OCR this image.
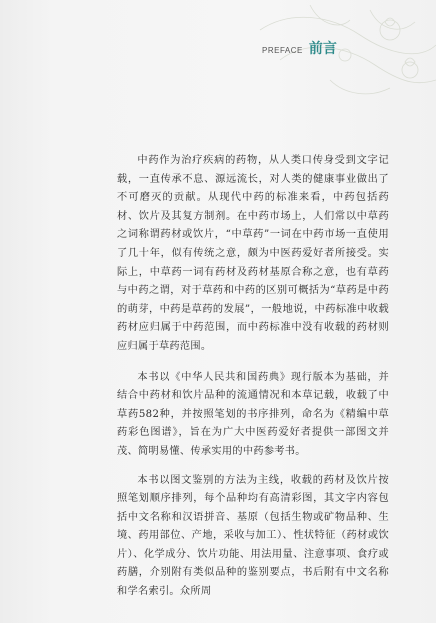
PREFACE 前言

中药作为治疗疾病的药物，从人类口传身受到文字记载，一直传承不息、源远流长，对人类的健康事业做出了不可磨灭的贡献。从现代中药的标准来看，中药包括药材、饮片及其复方制剂。在中药市场上，人们常以中草药之词称谓药材或饮片，“中草药”一词在中药市场一直使用了几十年，似有传统之意，颇为中医药爱好者所接受。实际上，中草药一词有药材及药材基原合称之意，也有草药与中药之谓，对于草药和中药的区别可概括为“草药是中药的萌芽，中药是草药的发展”，一般地说，中药标准中收载药材应归属于中药范围，而中药标准中没有收载的药材则应归属于草药范围。

本书以《中华人民共和国药典》现行版本为基础，并结合中药材和饮片品种的流通情况和本草记载，收载了中草药582种，并按照笔划的书序排列，命名为《精编中草药彩色图谱》，旨在为广大中医药爱好者提供一部图文并茂、简明易懂、传承实用的中药参考书。

本书以图文鉴别的方法为主线，收载的药材及饮片按照笔划顺序排列，每个品种均有高清彩图，其文字内容包括中文名称和汉语拼音、基原（包括生物或矿物品种、生境、药用部位、产地，采收与加工）、性状特征（药材或饮片）、化学成分、饮片功能、用法用量、注意事项、食疗或药膳，介别附有类似品种的鉴别要点，书后附有中文名称和学名索引。众所周
